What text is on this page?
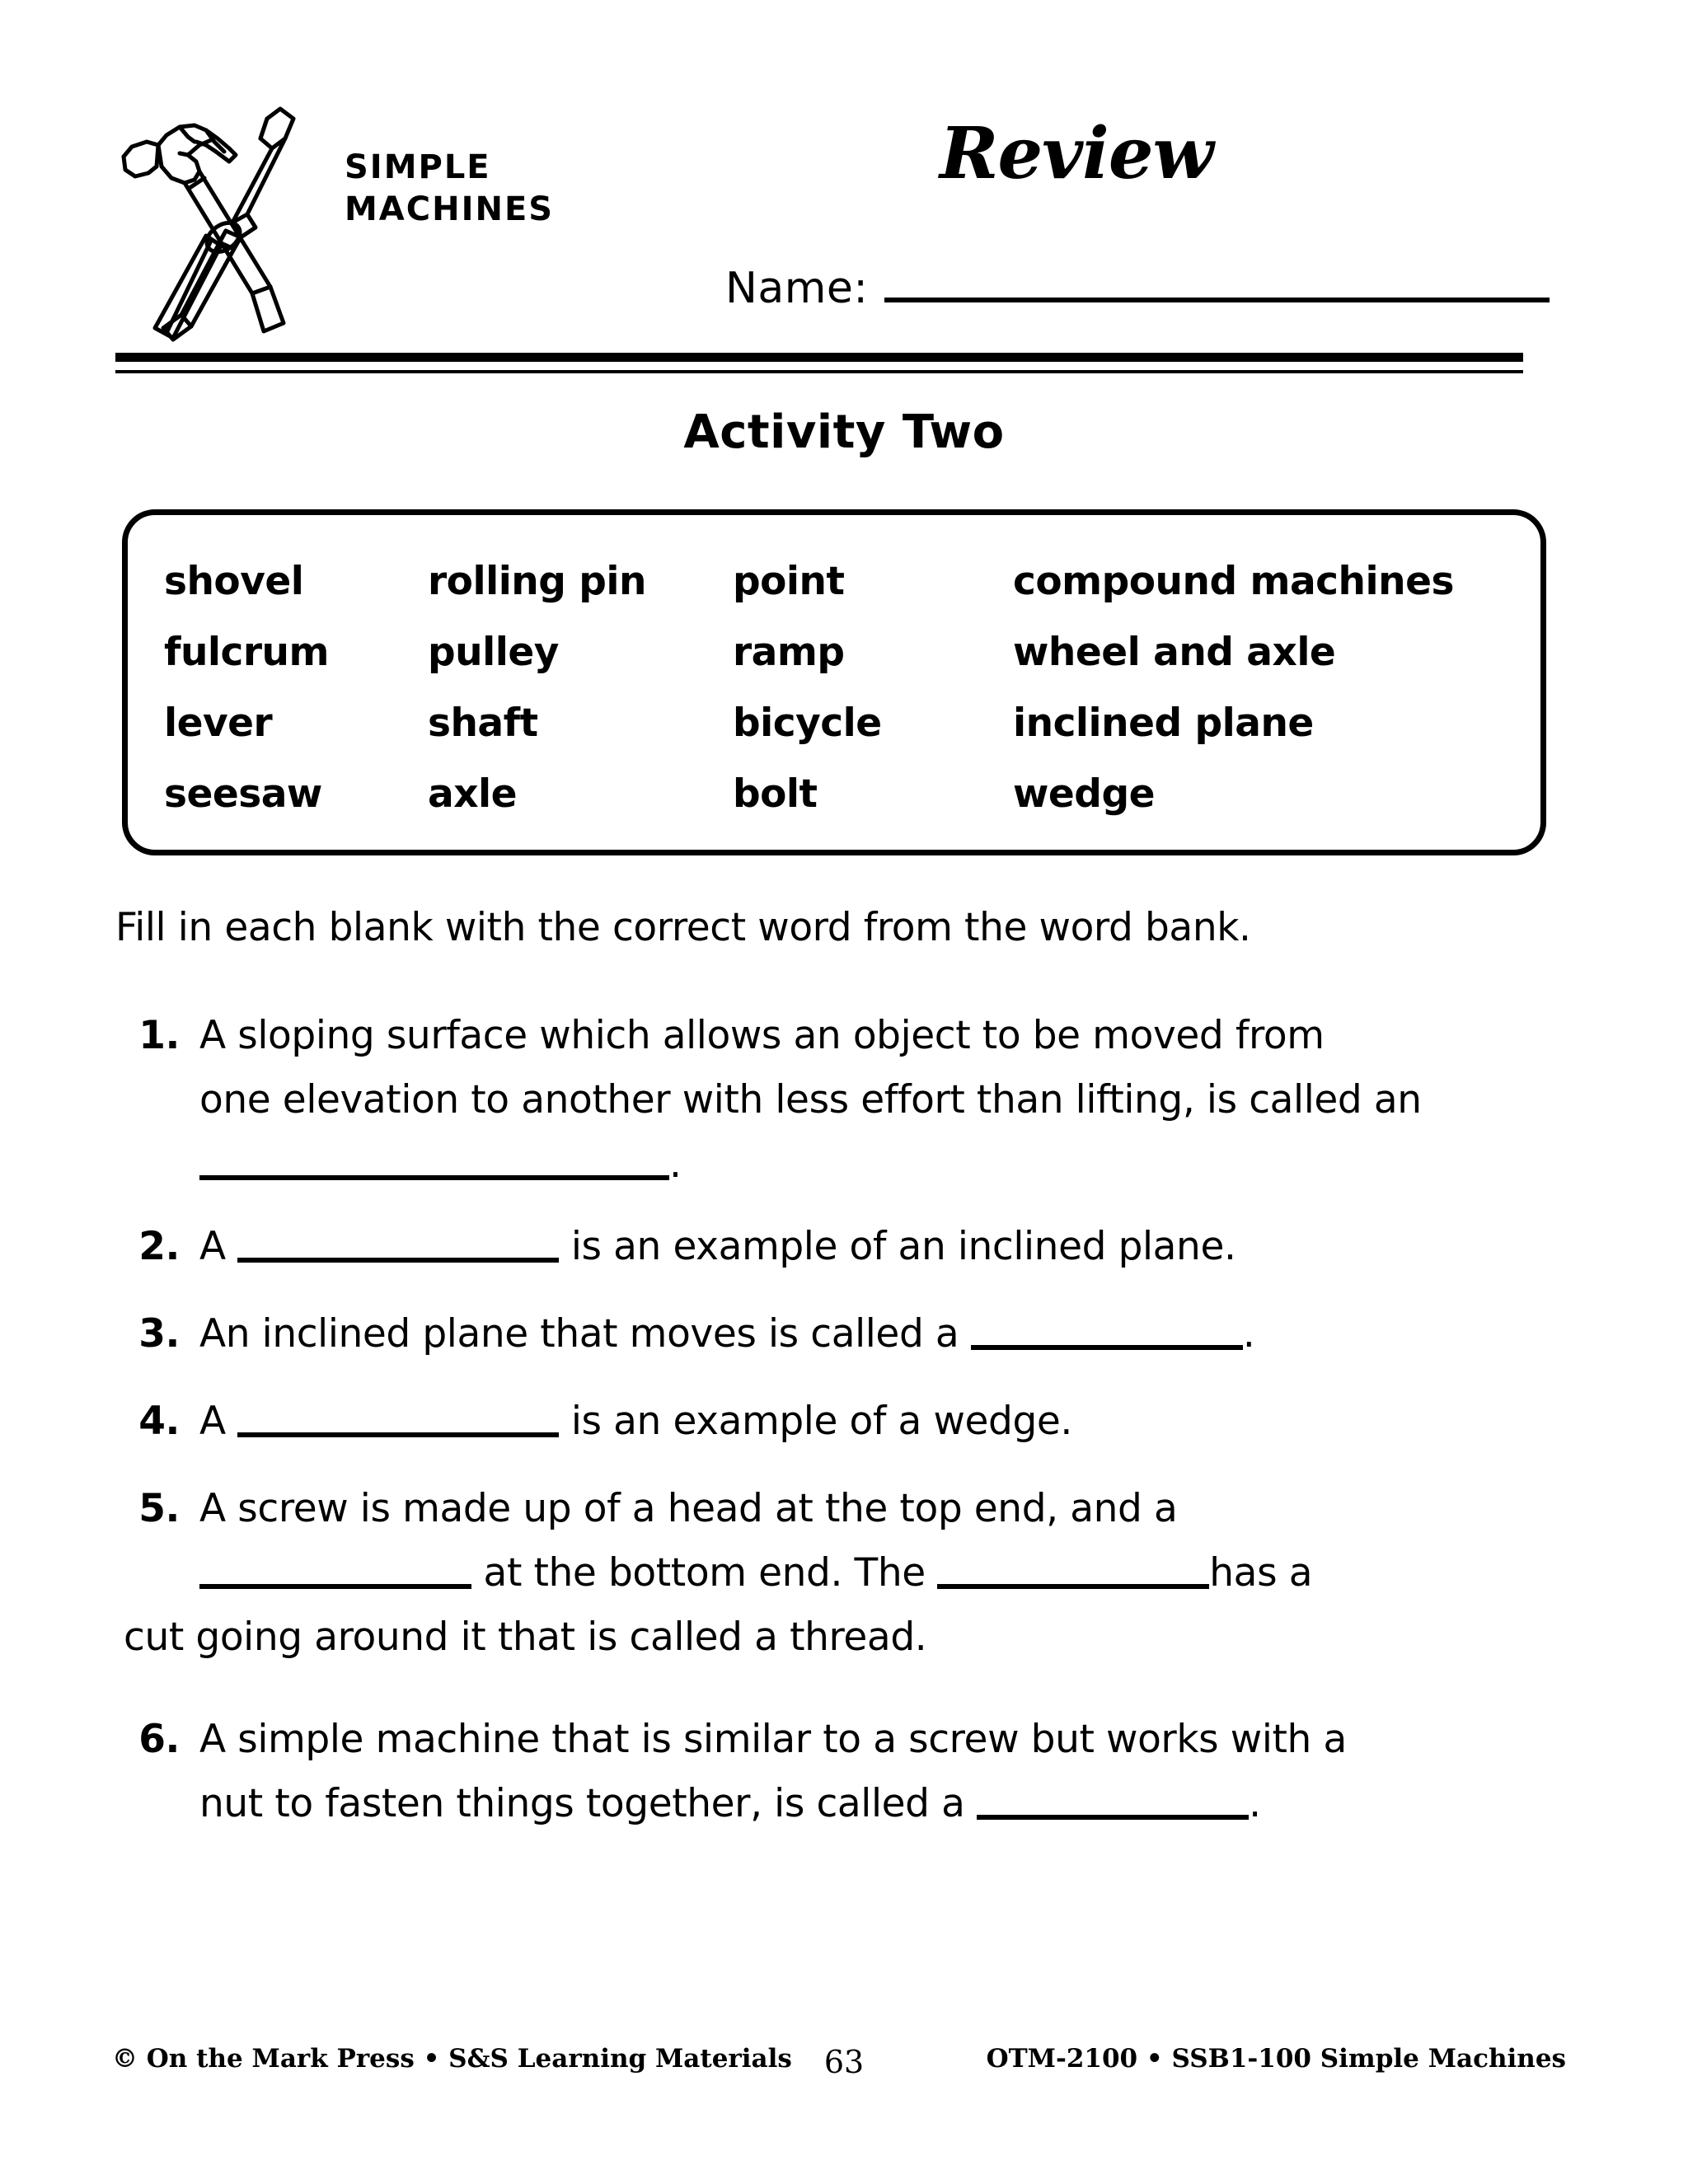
SIMPLE
MACHINES
Review
Name:
Activity Two
shovel	rolling pin	point	compound machines
fulcrum	pulley	ramp	wheel and axle
lever	shaft	bicycle	inclined plane
seesaw	axle	bolt	wedge
Fill in each blank with the correct word from the word bank.
1. A sloping surface which allows an object to be moved from
one elevation to another with less effort than lifting, is called an
.
2. A	is an example of an inclined plane.
3. An inclined plane that moves is called a	.
4. A	is an example of a wedge.
5. A screw is made up of a head at the top end, and a
at the bottom end. The	has a
cut going around it that is called a thread.
6. A simple machine that is similar to a screw but works with a
nut to fasten things together, is called a	.
© On the Mark Press • S&S Learning Materials	63	OTM-2100 • SSB1-100 Simple Machines
